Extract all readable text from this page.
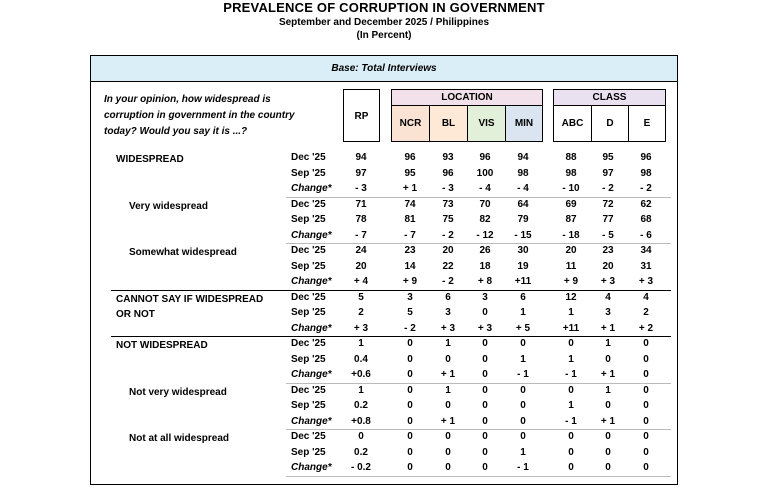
PREVALENCE OF CORRUPTION IN GOVERNMENT
September and December 2025 / Philippines
(In Percent)
Base: Total Interviews
In your opinion, how widespread is corruption in government in the country today? Would you say it is ...?
RP
LOCATION
NCR	BL	VIS	MIN
CLASS
ABC	D	E
WIDESPREAD	Dec '25	94	96	93	96	94	88	95	96
Sep '25	97	95	96	100	98	98	97	98
Change*	- 3	+ 1	- 3	- 4	- 4	- 10	- 2	- 2
Very widespread	Dec '25	71	74	73	70	64	69	72	62
Sep '25	78	81	75	82	79	87	77	68
Change*	- 7	- 7	- 2	- 12	- 15	- 18	- 5	- 6
Somewhat widespread	Dec '25	24	23	20	26	30	20	23	34
Sep '25	20	14	22	18	19	11	20	31
Change*	+ 4	+ 9	- 2	+ 8	+11	+ 9	+ 3	+ 3
CANNOT SAY IF WIDESPREAD
OR NOT
Dec '25	5	3	6	3	6	12	4	4
Sep '25	2	5	3	0	1	1	3	2
Change*	+ 3	- 2	+ 3	+ 3	+ 5	+11	+ 1	+ 2
NOT WIDESPREAD	Dec '25	1	0	1	0	0	0	1	0
Sep '25	0.4	0	0	0	1	1	0	0
Change*	+0.6	0	+ 1	0	- 1	- 1	+ 1	0
Not very widespread	Dec '25	1	0	1	0	0	0	1	0
Sep '25	0.2	0	0	0	0	1	0	0
Change*	+0.8	0	+ 1	0	0	- 1	+ 1	0
Not at all widespread	Dec '25	0	0	0	0	0	0	0	0
Sep '25	0.2	0	0	0	1	0	0	0
Change*	- 0.2	0	0	0	- 1	0	0	0
